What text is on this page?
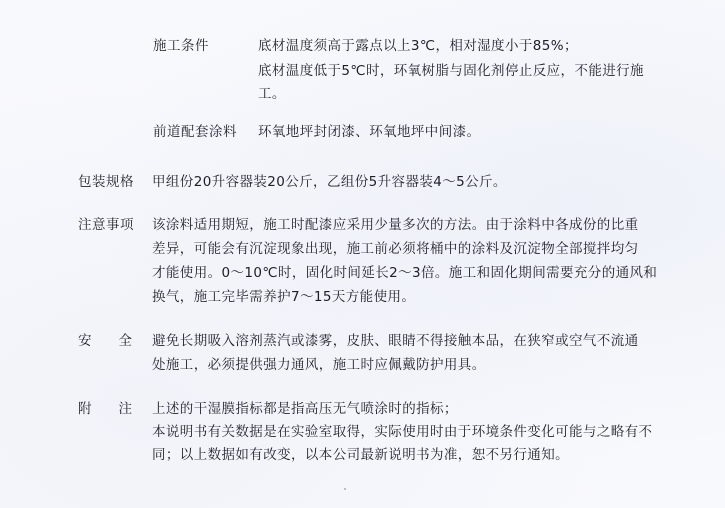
施工条件	底材温度须高于露点以上3℃，相对湿度小于85%；
底材温度低于5℃时，环氧树脂与固化剂停止反应，不能进行施
工。
前道配套涂料 环氧地坪封闭漆、环氧地坪中间漆。
包装规格 甲组份20升容器装20公斤，乙组份5升容器装4～5公斤。
注意事项 该涂料适用期短，施工时配漆应采用少量多次的方法。由于涂料中各成份的比重
差异，可能会有沉淀现象出现，施工前必须将桶中的涂料及沉淀物全部搅拌均匀
才能使用。0～10℃时，固化时间延长2～3倍。施工和固化期间需要充分的通风和
换气，施工完毕需养护7～15天方能使用。
安 全 避免长期吸入溶剂蒸汽或漆雾，皮肤、眼睛不得接触本品，在狭窄或空气不流通
处施工，必须提供强力通风，施工时应佩戴防护用具。
附 注 上述的干湿膜指标都是指高压无气喷涂时的指标；
本说明书有关数据是在实验室取得，实际使用时由于环境条件变化可能与之略有不
同；以上数据如有改变，以本公司最新说明书为准，恕不另行通知。
